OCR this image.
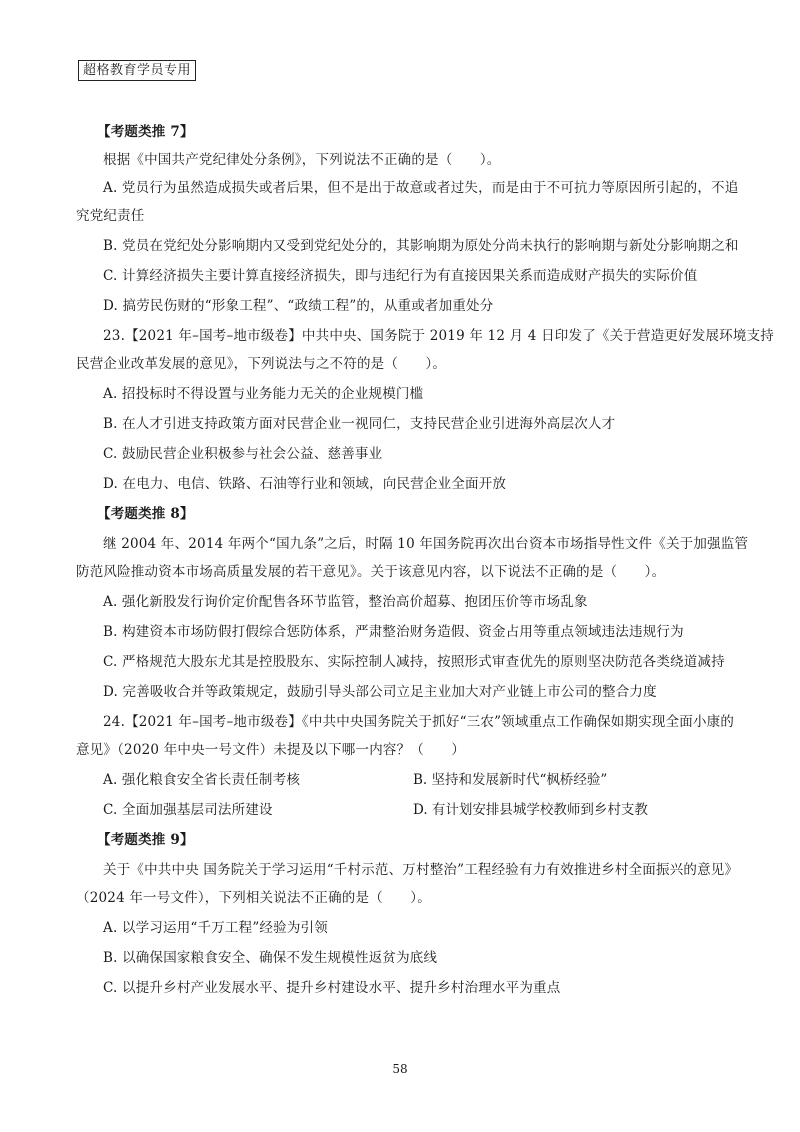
超格教育学员专用
【考题类推 7】
根据《中国共产党纪律处分条例》，下列说法不正确的是（　　）。
A. 党员行为虽然造成损失或者后果，但不是出于故意或者过失，而是由于不可抗力等原因所引起的，不追
究党纪责任
B. 党员在党纪处分影响期内又受到党纪处分的，其影响期为原处分尚未执行的影响期与新处分影响期之和
C. 计算经济损失主要计算直接经济损失，即与违纪行为有直接因果关系而造成财产损失的实际价值
D. 搞劳民伤财的“形象工程”、“政绩工程”的，从重或者加重处分
23.【2021 年–国考–地市级卷】中共中央、国务院于 2019 年 12 月 4 日印发了《关于营造更好发展环境支持
民营企业改革发展的意见》，下列说法与之不符的是（　　）。
A. 招投标时不得设置与业务能力无关的企业规模门槛
B. 在人才引进支持政策方面对民营企业一视同仁，支持民营企业引进海外高层次人才
C. 鼓励民营企业积极参与社会公益、慈善事业
D. 在电力、电信、铁路、石油等行业和领域，向民营企业全面开放
【考题类推 8】
继 2004 年、2014 年两个“国九条”之后，时隔 10 年国务院再次出台资本市场指导性文件《关于加强监管
防范风险推动资本市场高质量发展的若干意见》。关于该意见内容，以下说法不正确的是（　　）。
A. 强化新股发行询价定价配售各环节监管，整治高价超募、抱团压价等市场乱象
B. 构建资本市场防假打假综合惩防体系，严肃整治财务造假、资金占用等重点领域违法违规行为
C. 严格规范大股东尤其是控股股东、实际控制人减持，按照形式审查优先的原则坚决防范各类绕道减持
D. 完善吸收合并等政策规定，鼓励引导头部公司立足主业加大对产业链上市公司的整合力度
24.【2021 年–国考–地市级卷】《中共中央国务院关于抓好“三农”领域重点工作确保如期实现全面小康的
意见》（2020 年中央一号文件）未提及以下哪一内容？（　　）
A. 强化粮食安全省长责任制考核	B. 坚持和发展新时代“枫桥经验”
C. 全面加强基层司法所建设	D. 有计划安排县城学校教师到乡村支教
【考题类推 9】
关于《中共中央 国务院关于学习运用“千村示范、万村整治”工程经验有力有效推进乡村全面振兴的意见》
（2024 年一号文件），下列相关说法不正确的是（　　）。
A. 以学习运用“千万工程”经验为引领
B. 以确保国家粮食安全、确保不发生规模性返贫为底线
C. 以提升乡村产业发展水平、提升乡村建设水平、提升乡村治理水平为重点
58
